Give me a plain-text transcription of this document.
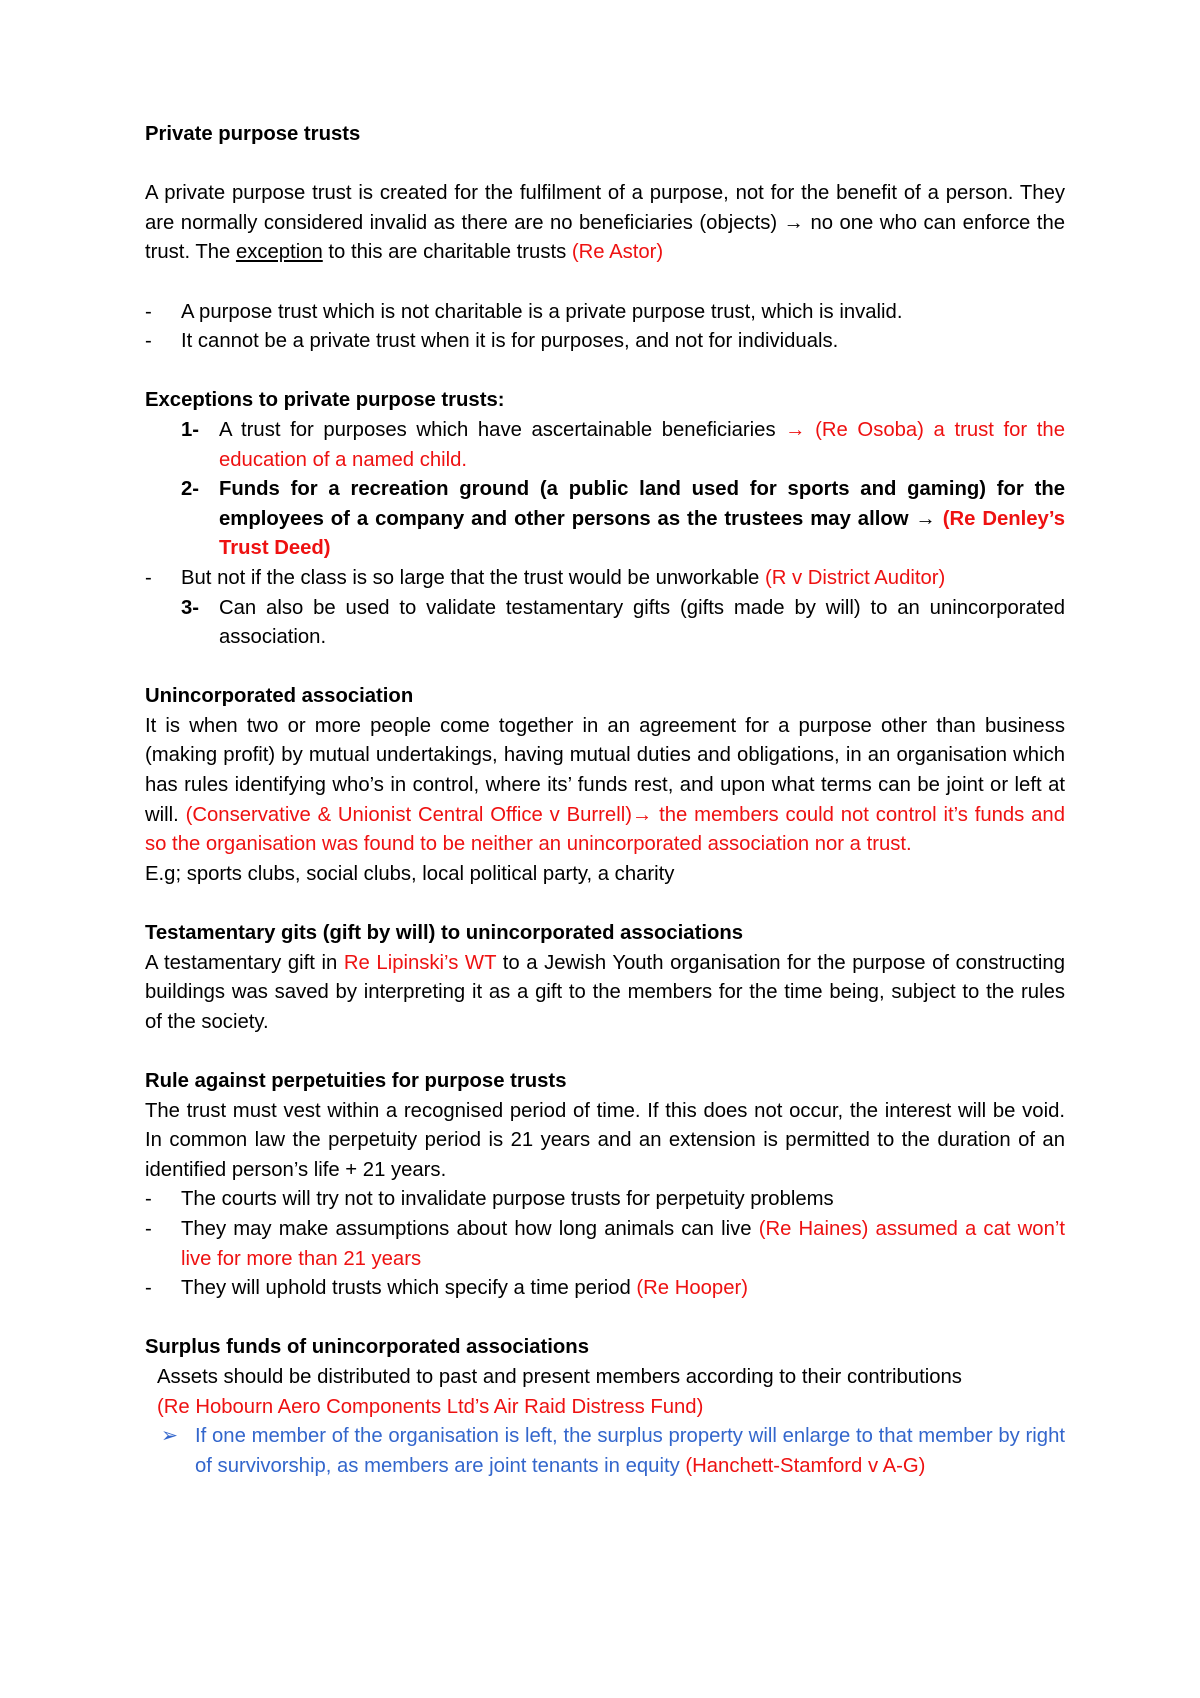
Private purpose trusts

A private purpose trust is created for the fulfilment of a purpose, not for the benefit of a person. They are normally considered invalid as there are no beneficiaries (objects) → no one who can enforce the trust. The exception to this are charitable trusts (Re Astor)

- A purpose trust which is not charitable is a private purpose trust, which is invalid.
- It cannot be a private trust when it is for purposes, and not for individuals.

Exceptions to private purpose trusts:

1- A trust for purposes which have ascertainable beneficiaries → (Re Osoba) a trust for the education of a named child.
2- Funds for a recreation ground (a public land used for sports and gaming) for the employees of a company and other persons as the trustees may allow → (Re Denley’s Trust Deed)
- But not if the class is so large that the trust would be unworkable (R v District Auditor)
3- Can also be used to validate testamentary gifts (gifts made by will) to an unincorporated association.

Unincorporated association

It is when two or more people come together in an agreement for a purpose other than business (making profit) by mutual undertakings, having mutual duties and obligations, in an organisation which has rules identifying who’s in control, where its’ funds rest, and upon what terms can be joint or left at will. (Conservative & Unionist Central Office v Burrell)→ the members could not control it’s funds and so the organisation was found to be neither an unincorporated association nor a trust.

E.g; sports clubs, social clubs, local political party, a charity

Testamentary gits (gift by will) to unincorporated associations

A testamentary gift in Re Lipinski’s WT to a Jewish Youth organisation for the purpose of constructing buildings was saved by interpreting it as a gift to the members for the time being, subject to the rules of the society.

Rule against perpetuities for purpose trusts

The trust must vest within a recognised period of time. If this does not occur, the interest will be void. In common law the perpetuity period is 21 years and an extension is permitted to the duration of an identified person’s life + 21 years.

- The courts will try not to invalidate purpose trusts for perpetuity problems
- They may make assumptions about how long animals can live (Re Haines) assumed a cat won’t live for more than 21 years
- They will uphold trusts which specify a time period (Re Hooper)

Surplus funds of unincorporated associations

Assets should be distributed to past and present members according to their contributions

(Re Hobourn Aero Components Ltd’s Air Raid Distress Fund)

➢ If one member of the organisation is left, the surplus property will enlarge to that member by right of survivorship, as members are joint tenants in equity (Hanchett-Stamford v A-G)
